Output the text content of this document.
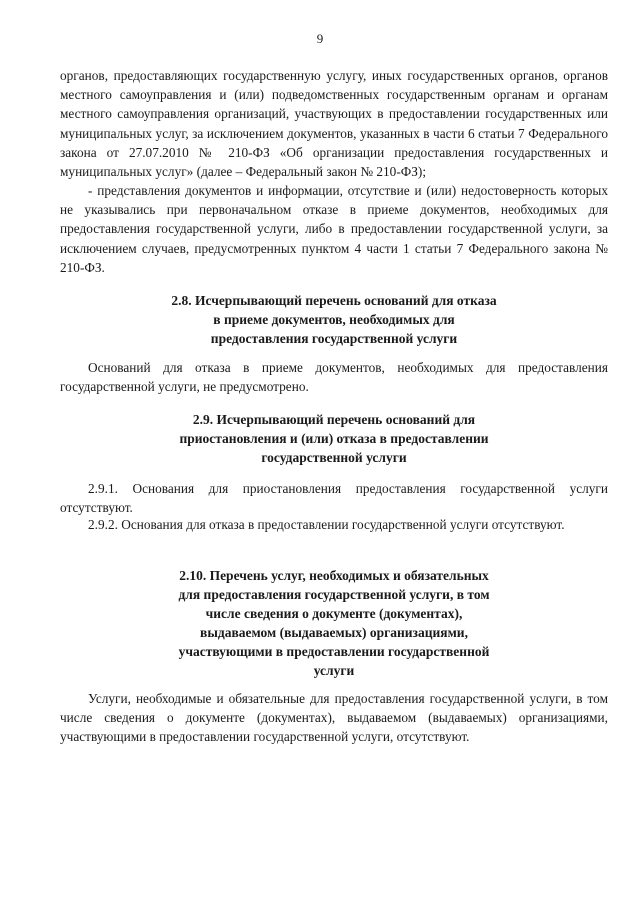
9

органов, предоставляющих государственную услугу, иных государственных органов, органов местного самоуправления и (или) подведомственных государственным органам и органам местного самоуправления организаций, участвующих в предоставлении государственных или муниципальных услуг, за исключением документов, указанных в части 6 статьи 7 Федерального закона от 27.07.2010 № 210-ФЗ «Об организации предоставления государственных и муниципальных услуг» (далее – Федеральный закон № 210-ФЗ);

- представления документов и информации, отсутствие и (или) недостоверность которых не указывались при первоначальном отказе в приеме документов, необходимых для предоставления государственной услуги, либо в предоставлении государственной услуги, за исключением случаев, предусмотренных пунктом 4 части 1 статьи 7 Федерального закона № 210-ФЗ.

2.8. Исчерпывающий перечень оснований для отказа
в приеме документов, необходимых для
предоставления государственной услуги

Оснований для отказа в приеме документов, необходимых для предоставления государственной услуги, не предусмотрено.

2.9. Исчерпывающий перечень оснований для
приостановления и (или) отказа в предоставлении
государственной услуги

2.9.1. Основания для приостановления предоставления государственной услуги отсутствуют.

2.9.2. Основания для отказа в предоставлении государственной услуги отсутствуют.

2.10. Перечень услуг, необходимых и обязательных
для предоставления государственной услуги, в том
числе сведения о документе (документах),
выдаваемом (выдаваемых) организациями,
участвующими в предоставлении государственной
услуги

Услуги, необходимые и обязательные для предоставления государственной услуги, в том числе сведения о документе (документах), выдаваемом (выдаваемых) организациями, участвующими в предоставлении государственной услуги, отсутствуют.
